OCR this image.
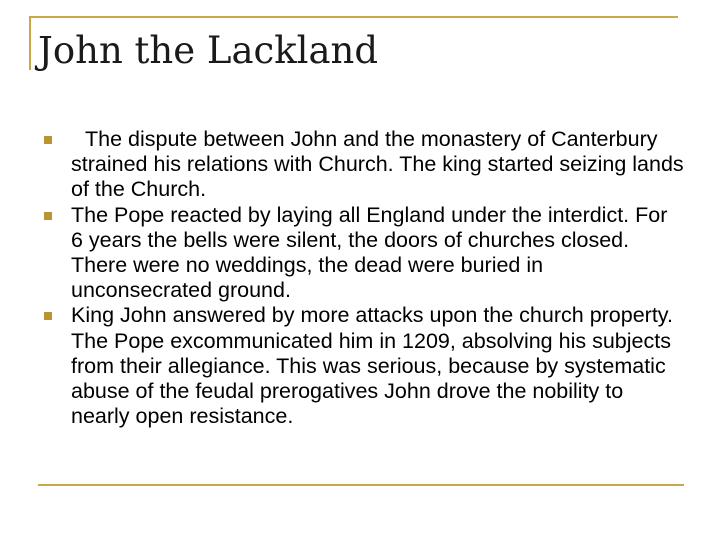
John the Lackland
The dispute between John and the monastery of Canterbury strained his relations with Church. The king started seizing lands of the Church.
The Pope reacted by laying all England under the interdict. For 6 years the bells were silent, the doors of churches closed. There were no weddings, the dead were buried in unconsecrated ground.
King John answered by more attacks upon the church property. The Pope excommunicated him in 1209, absolving his subjects from their allegiance. This was serious, because by systematic abuse of the feudal prerogatives John drove the nobility to nearly open resistance.
